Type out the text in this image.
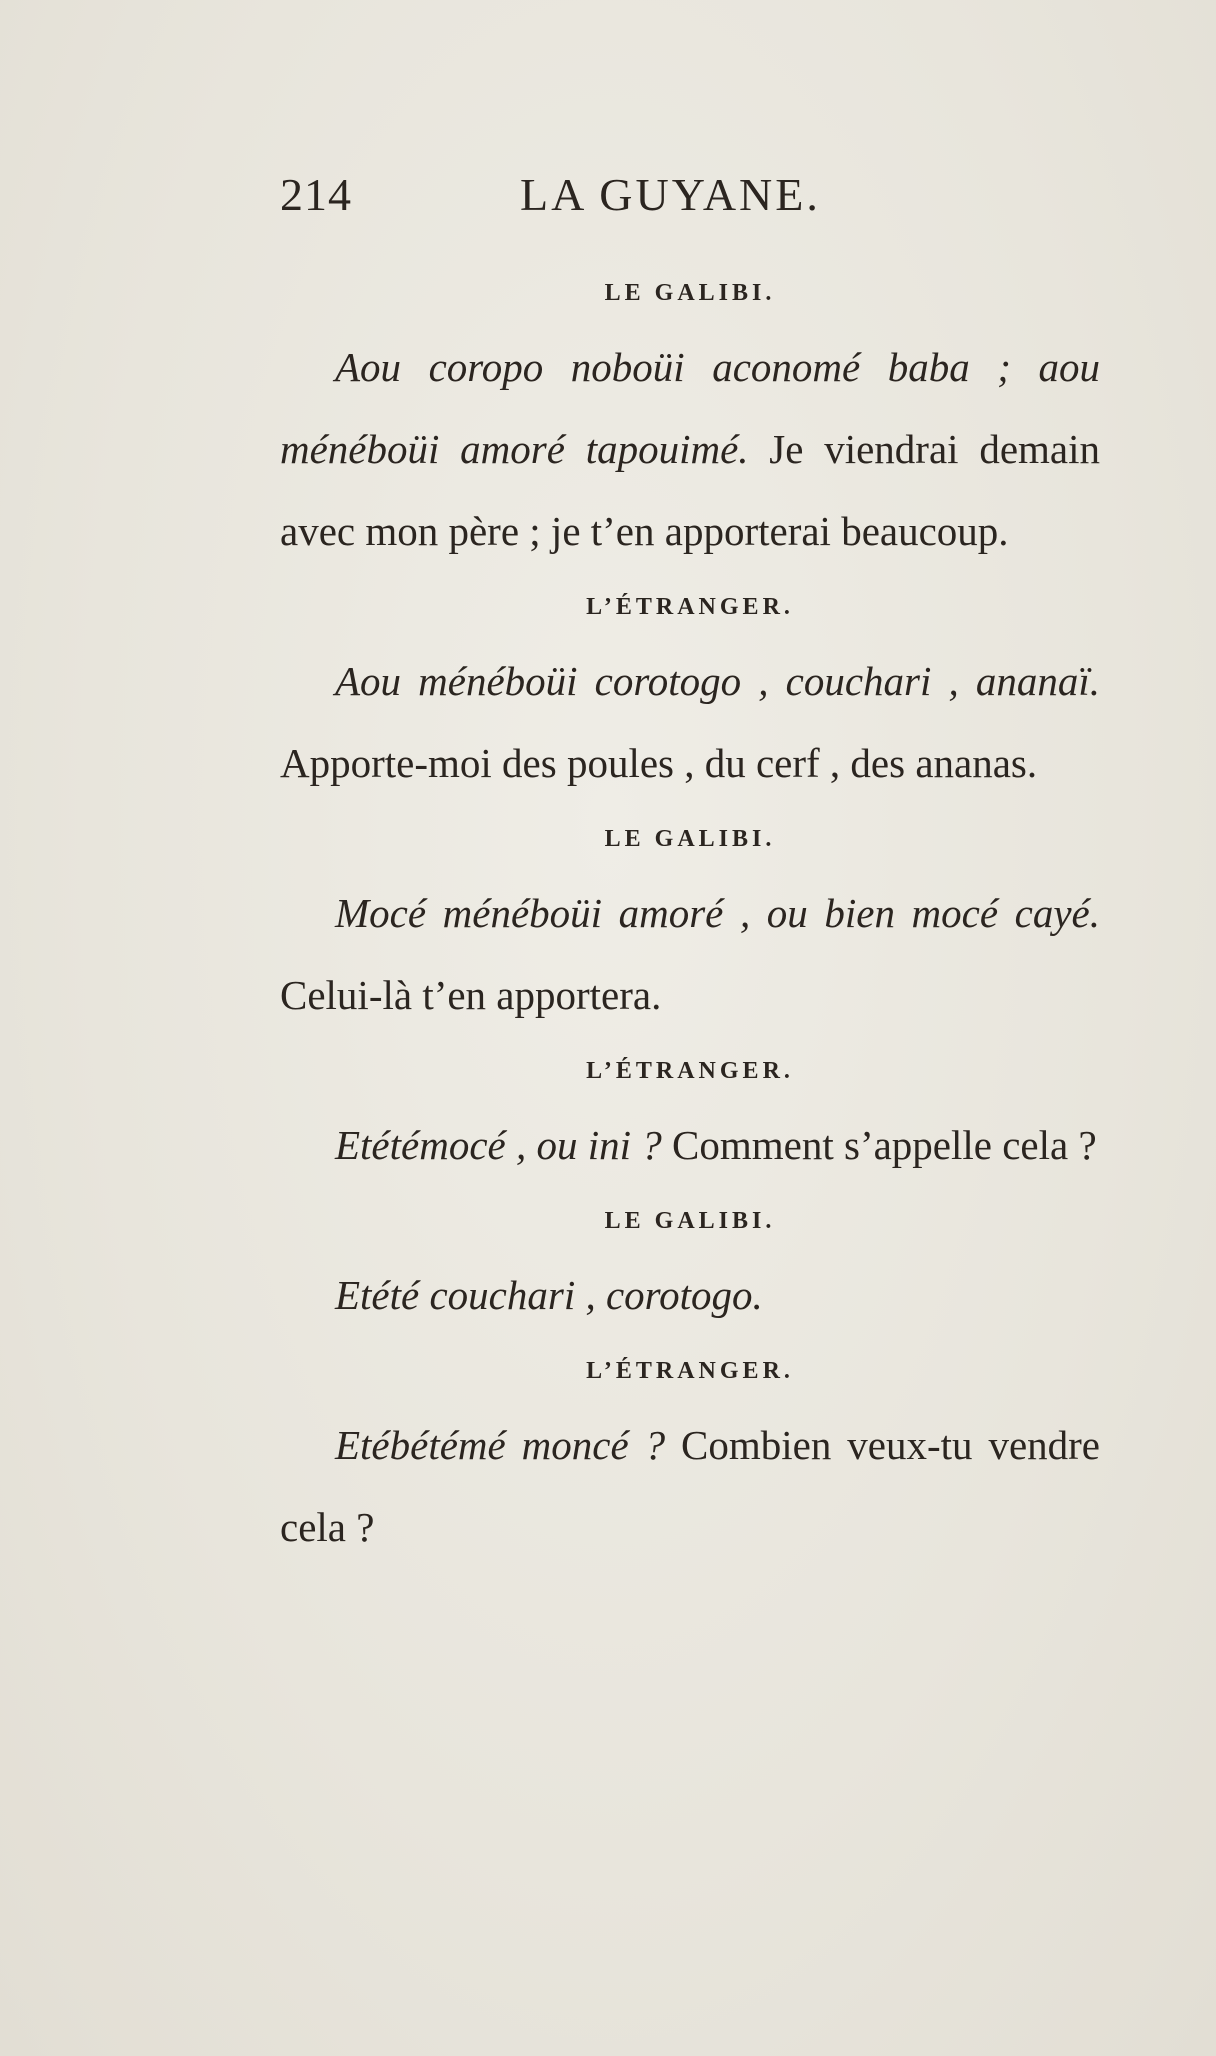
214	LA GUYANE.
LE GALIBI.

Aou coropo noboüi aconomé baba ; aou ménéboüi amoré tapouimé. Je viendrai demain avec mon père ; je t’en apporterai beaucoup.

L’ÉTRANGER.

Aou ménéboüi corotogo , couchari , ananaï. Apporte-moi des poules , du cerf , des ananas.

LE GALIBI.

Mocé ménéboüi amoré , ou bien mocé cayé. Celui-là t’en apportera.

L’ÉTRANGER.

Etétémocé , ou ini ? Comment s’appelle cela ?

LE GALIBI.

Etété couchari , corotogo.

L’ÉTRANGER.

Etébétémé moncé ? Combien veux-tu vendre cela ?
